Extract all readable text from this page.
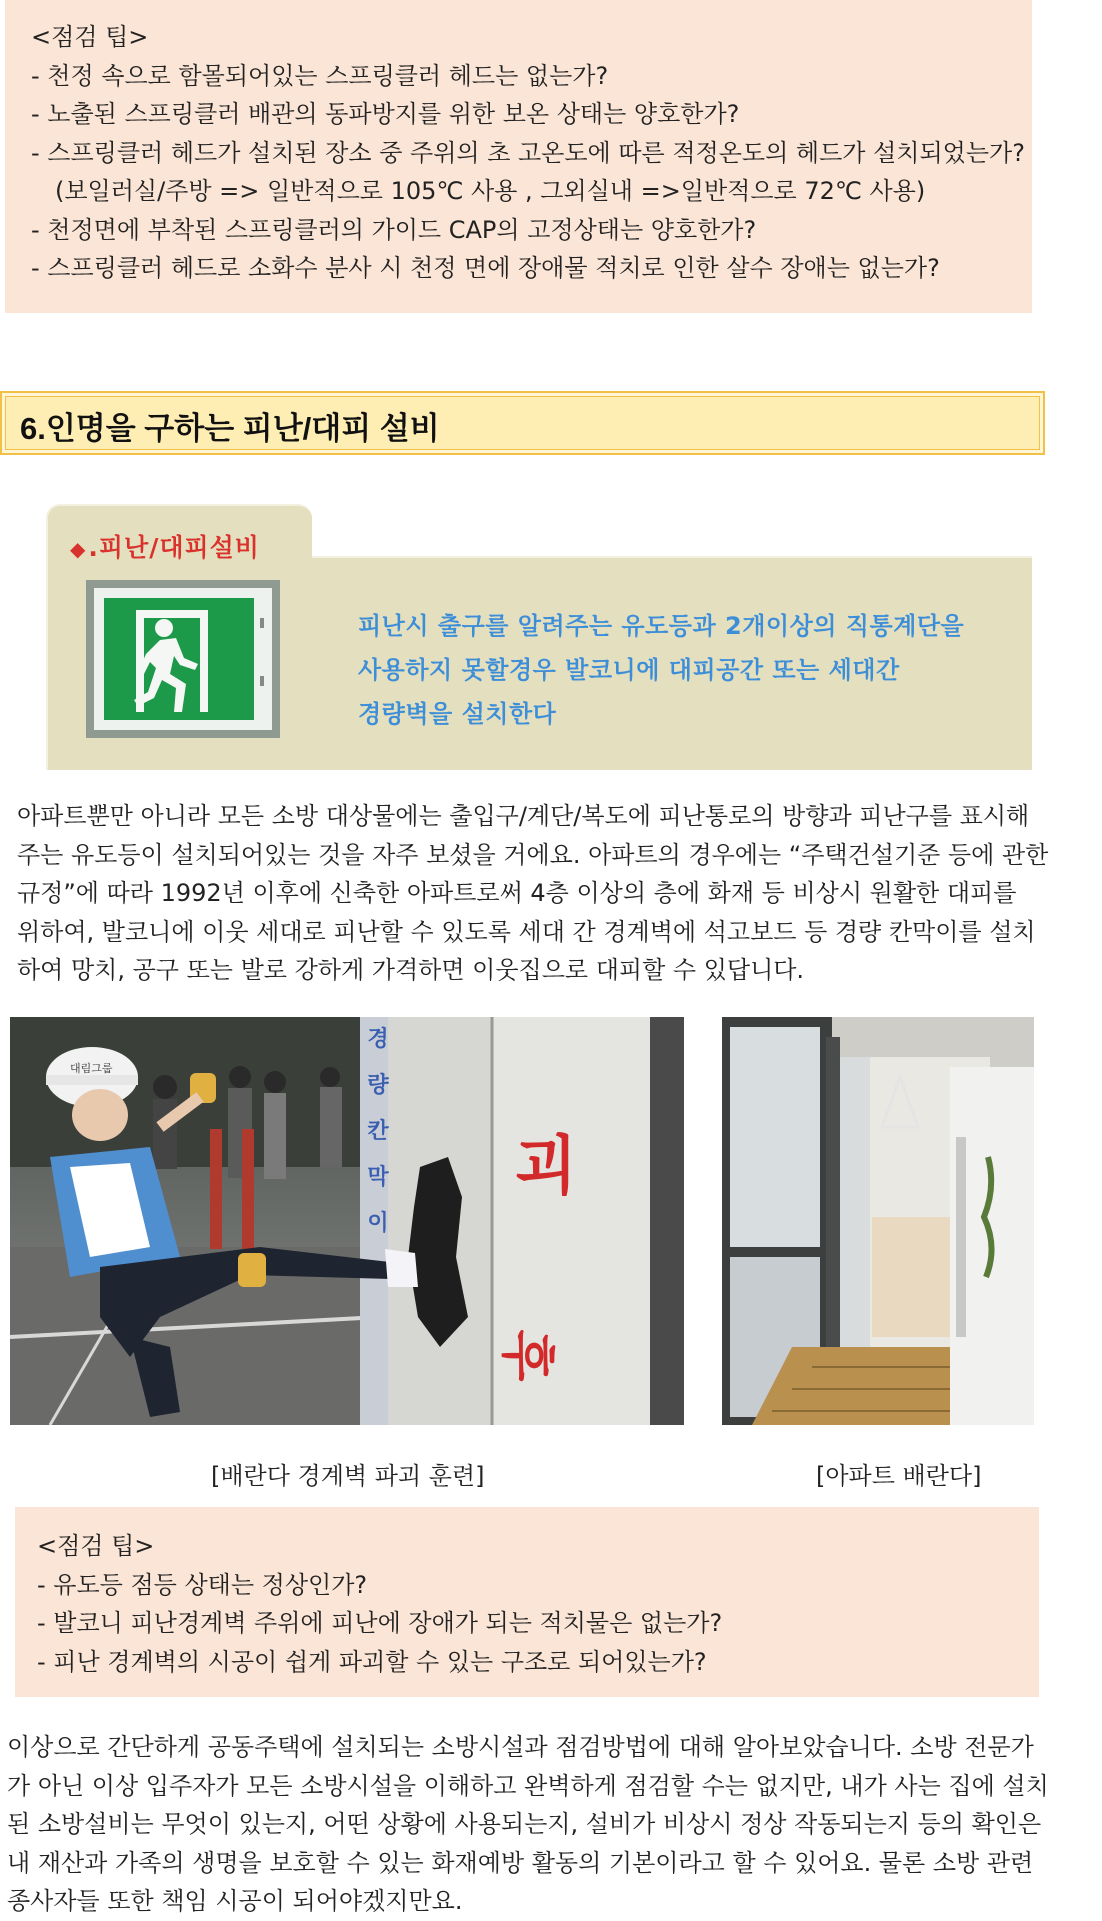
<점검 팁>
- 천정 속으로 함몰되어있는 스프링클러 헤드는 없는가?
- 노출된 스프링클러 배관의 동파방지를 위한 보온 상태는 양호한가?
- 스프링클러 헤드가 설치된 장소 중 주위의 초 고온도에 따른 적정온도의 헤드가 설치되었는가?
(보일러실/주방 => 일반적으로 105℃ 사용 , 그외실내 =>일반적으로 72℃ 사용)
- 천정면에 부착된 스프링클러의 가이드 CAP의 고정상태는 양호한가?
- 스프링클러 헤드로 소화수 분사 시 천정 면에 장애물 적치로 인한 살수 장애는 없는가?
6.인명을 구하는 피난/대피 설비
◆.피난/대피설비
피난시 출구를 알려주는 유도등과 2개이상의 직통계단을
사용하지 못할경우 발코니에 대피공간 또는 세대간
경량벽을 설치한다
아파트뿐만 아니라 모든 소방 대상물에는 출입구/계단/복도에 피난통로의 방향과 피난구를 표시해
주는 유도등이 설치되어있는 것을 자주 보셨을 거에요. 아파트의 경우에는 “주택건설기준 등에 관한
규정”에 따라 1992년 이후에 신축한 아파트로써 4층 이상의 층에 화재 등 비상시 원활한 대피를
위하여, 발코니에 이웃 세대로 피난할 수 있도록 세대 간 경계벽에 석고보드 등 경량 칸막이를 설치
하여 망치, 공구 또는 발로 강하게 가격하면 이웃집으로 대피할 수 있답니다.
대림그룹
경
량
칸
막
이
괴
후
[배란다 경계벽 파괴 훈련]	[아파트 배란다]
<점검 팁>
- 유도등 점등 상태는 정상인가?
- 발코니 피난경계벽 주위에 피난에 장애가 되는 적치물은 없는가?
- 피난 경계벽의 시공이 쉽게 파괴할 수 있는 구조로 되어있는가?
이상으로 간단하게 공동주택에 설치되는 소방시설과 점검방법에 대해 알아보았습니다. 소방 전문가
가 아닌 이상 입주자가 모든 소방시설을 이해하고 완벽하게 점검할 수는 없지만, 내가 사는 집에 설치
된 소방설비는 무엇이 있는지, 어떤 상황에 사용되는지, 설비가 비상시 정상 작동되는지 등의 확인은
내 재산과 가족의 생명을 보호할 수 있는 화재예방 활동의 기본이라고 할 수 있어요. 물론 소방 관련
종사자들 또한 책임 시공이 되어야겠지만요.
